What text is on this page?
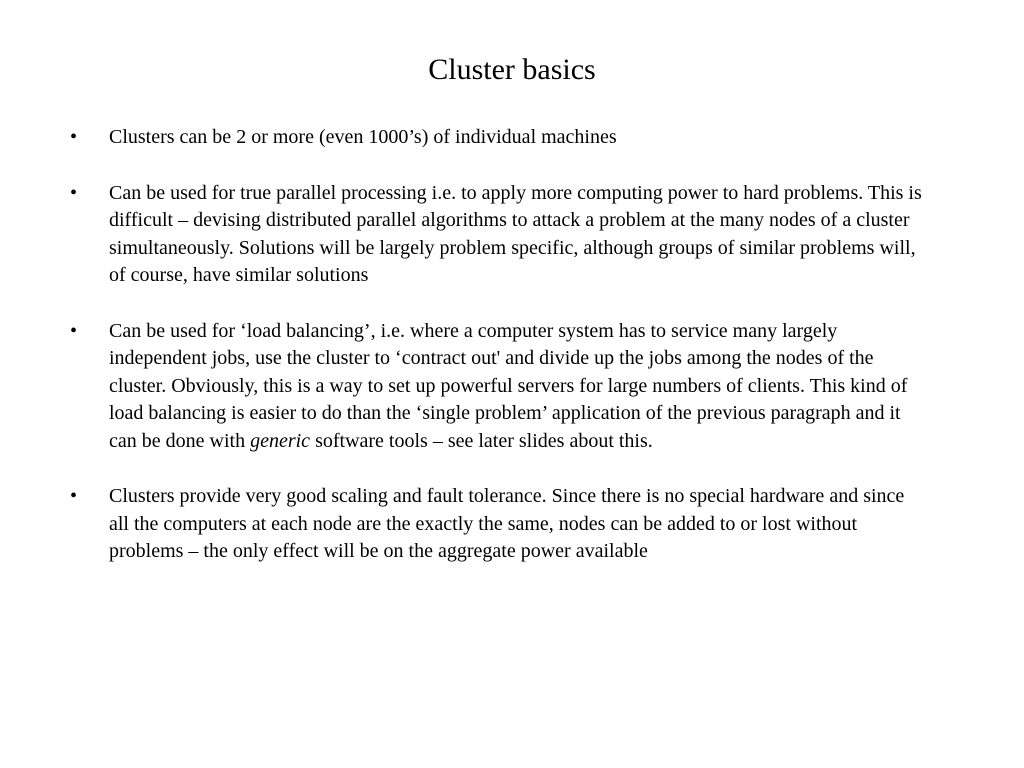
Cluster basics
•	Clusters can be 2 or more (even 1000’s) of individual machines
•	Can be used for true parallel processing i.e. to apply more computing power to hard problems. This is difficult – devising distributed parallel algorithms to attack a problem at the many nodes of a cluster simultaneously. Solutions will be largely problem specific, although groups of similar problems will, of course, have similar solutions
•	Can be used for ‘load balancing’, i.e. where a computer system has to service many largely independent jobs, use the cluster to ‘contract out' and divide up the jobs among the nodes of the cluster. Obviously, this is a way to set up powerful servers for large numbers of clients. This kind of load balancing is easier to do than the ‘single problem’ application of the previous paragraph and it can be done with generic software tools – see later slides about this.
•	Clusters provide very good scaling and fault tolerance. Since there is no special hardware and since all the computers at each node are the exactly the same, nodes can be added to or lost without problems – the only effect will be on the aggregate power available
